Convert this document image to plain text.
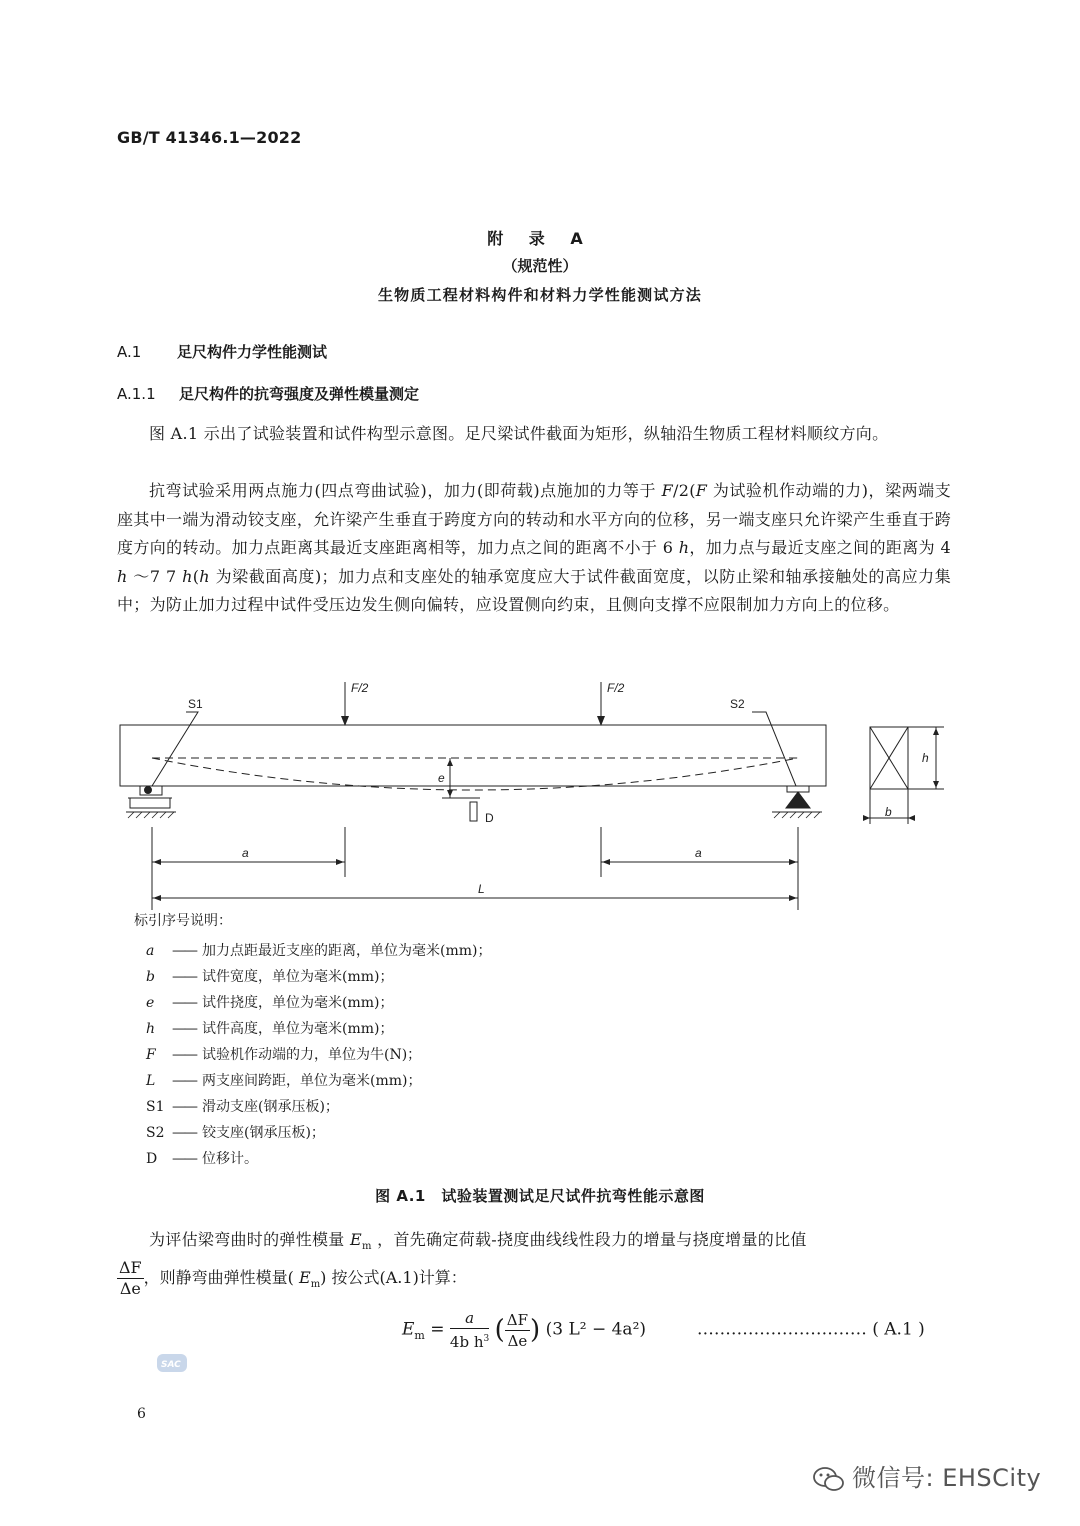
GB/T 41346.1—2022
附 录 A
（规范性）
生物质工程材料构件和材料力学性能测试方法
A.1 足尺构件力学性能测试
A.1.1 足尺构件的抗弯强度及弹性模量测定
图 A.1 示出了试验装置和试件构型示意图。足尺梁试件截面为矩形，纵轴沿生物质工程材料顺纹方向。
抗弯试验采用两点施力(四点弯曲试验)，加力(即荷载)点施加的力等于 F/2(F 为试验机作动端的力)，梁两端支座其中一端为滑动铰支座，允许梁产生垂直于跨度方向的转动和水平方向的位移，另一端支座只允许梁产生垂直于跨度方向的转动。加力点距离其最近支座距离相等，加力点之间的距离不小于 6 h，加力点与最近支座之间的距离为 4 h ～7 7 h(h 为梁截面高度)；加力点和支座处的轴承宽度应大于试件截面宽度，以防止梁和轴承接触处的高应力集中；为防止加力过程中试件受压边发生侧向偏转，应设置侧向约束，且侧向支撑不应限制加力方向上的位移。
S1	S2
F/2	F/2
e
D
a	a
L
h
b
标引序号说明：
a —— 加力点距最近支座的距离，单位为毫米(mm)；
b —— 试件宽度，单位为毫米(mm)；
e —— 试件挠度，单位为毫米(mm)；
h —— 试件高度，单位为毫米(mm)；
F —— 试验机作动端的力，单位为牛(N)；
L —— 两支座间跨距，单位为毫米(mm)；
S1 —— 滑动支座(钢承压板)；
S2 —— 铰支座(钢承压板)；
D —— 位移计。
图 A.1　试验装置测试足尺试件抗弯性能示意图
为评估梁弯曲时的弹性模量 $E_m$ ，首先确定荷载-挠度曲线线性段力的增量与挠度增量的比值
$\frac{\Delta F}{\Delta e}$ ，则静弯曲弹性模量( $E_m$) 按公式(A.1)计算：
$E_m = \frac{a}{4b h^3}$ ( $\frac{\Delta F}{\Delta e}$ ) (3 L² − 4a²)	………………………… ( A.1 )
SAC
6
微信号: EHSCity
